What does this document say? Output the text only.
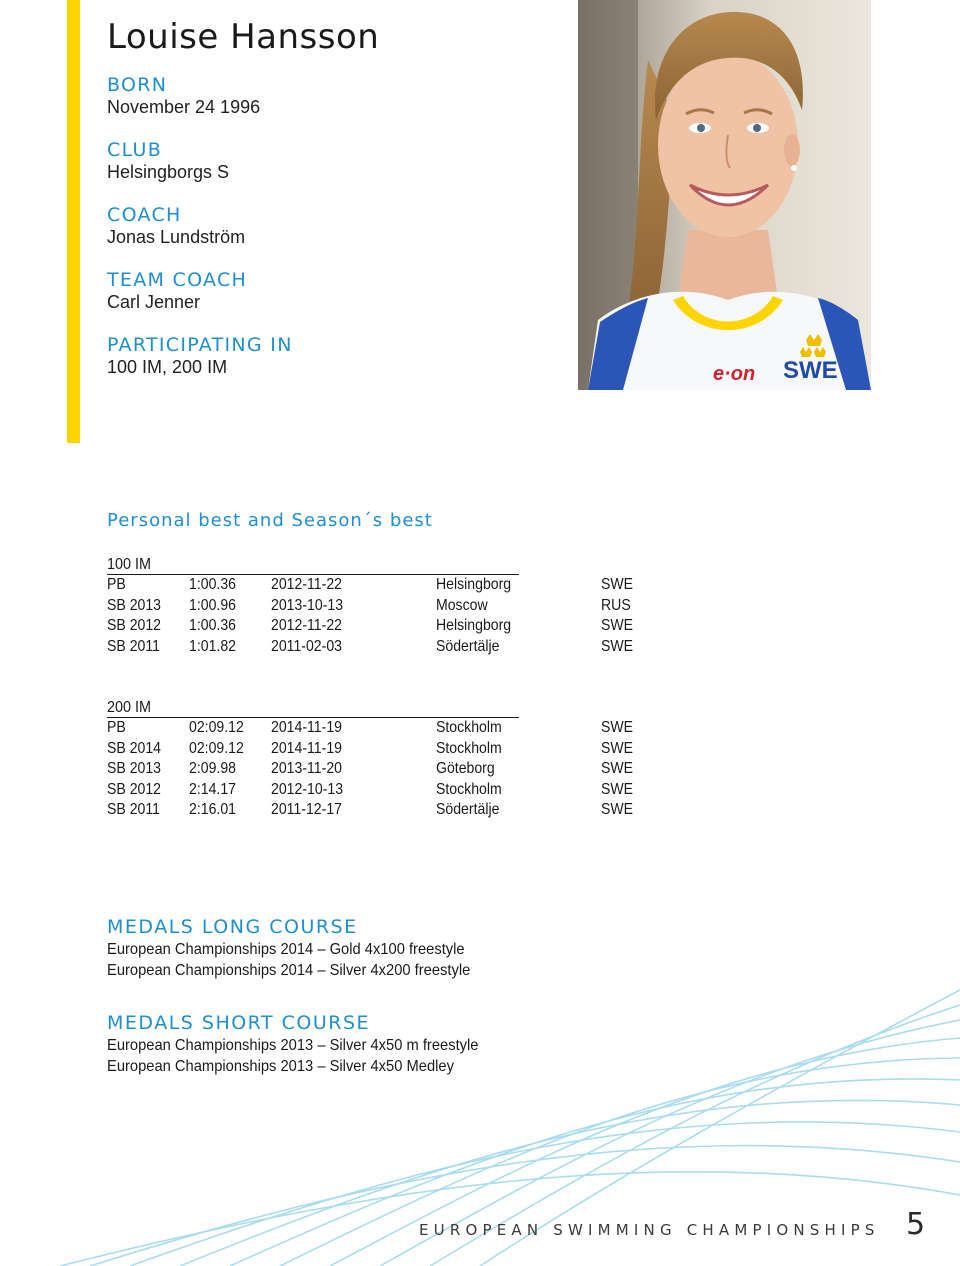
Louise Hansson
BORN
November 24 1996
CLUB
Helsingborgs S
COACH
Jonas Lundström
TEAM COACH
Carl Jenner
PARTICIPATING IN
100 IM, 200 IM	e·on SWE
Personal best and Season´s best
100 IM
PB	1:00.36 2012-11-22	Helsingborg	SWE
SB 2013 1:00.96 2013-10-13	Moscow	RUS
SB 2012 1:00.36 2012-11-22	Helsingborg	SWE
SB 2011 1:01.82 2011-02-03	Södertälje	SWE
200 IM
PB	02:09.12 2014-11-19	Stockholm	SWE
SB 2014 02:09.12 2014-11-19	Stockholm	SWE
SB 2013 2:09.98 2013-11-20	Göteborg	SWE
SB 2012 2:14.17 2012-10-13	Stockholm	SWE
SB 2011 2:16.01 2011-12-17	Södertälje	SWE
MEDALS LONG COURSE
European Championships 2014 – Gold 4x100 freestyle
European Championships 2014 – Silver 4x200 freestyle
MEDALS SHORT COURSE
European Championships 2013 – Silver 4x50 m freestyle
European Championships 2013 – Silver 4x50 Medley
EUROPEAN SWIMMING CHAMPIONSHIPS 5
